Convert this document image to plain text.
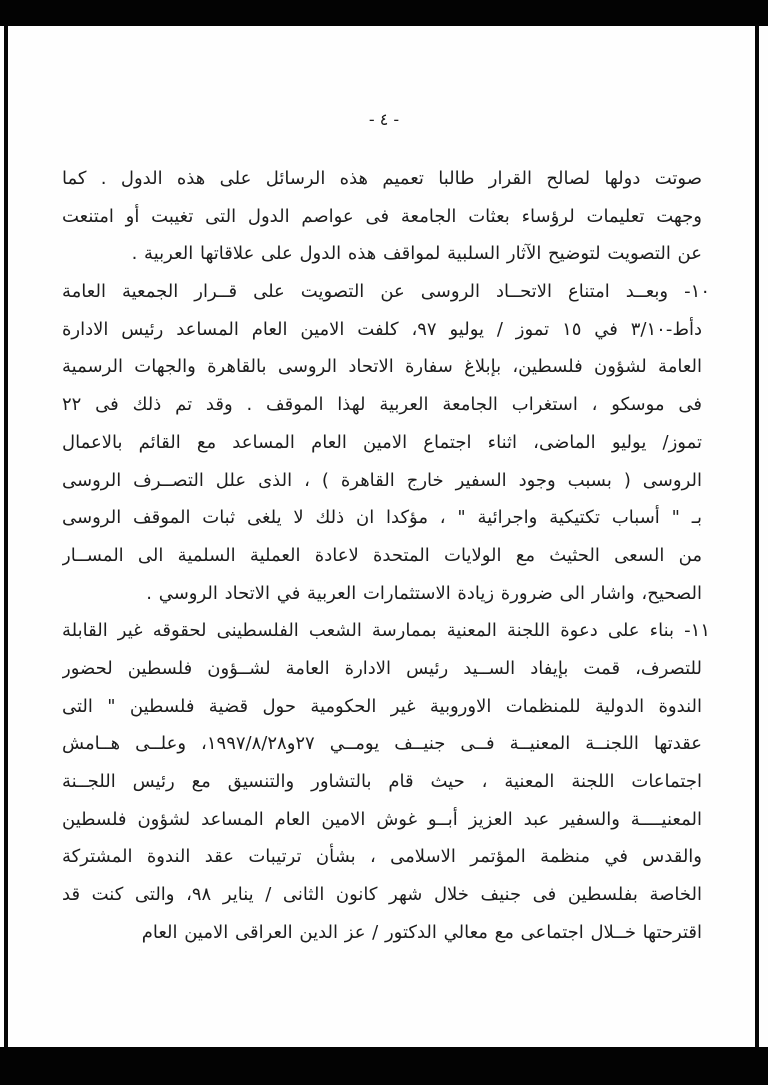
- ٤ -
صوتت دولها لصالح القرار طالبا تعميم هذه الرسائل على هذه الدول . كما
وجهت تعليمات لرؤساء بعثات الجامعة فى عواصم الدول التى تغيبت أو امتنعت
عن التصويت لتوضيح الآثار السلبية لمواقف هذه الدول على علاقاتها العربية .
١٠- وبعــد امتناع الاتحــاد الروسى عن التصويت على قــرار الجمعية العامة
دأط-٣/١٠ في ١٥ تموز / يوليو ٩٧، كلفت الامين العام المساعد رئيس الادارة
العامة لشؤون فلسطين، بإبلاغ سفارة الاتحاد الروسى بالقاهرة والجهات الرسمية
فى موسكو ، استغراب الجامعة العربية لهذا الموقف . وقد تم ذلك فى ٢٢
تموز/ يوليو الماضى، اثناء اجتماع الامين العام المساعد مع القائم بالاعمال
الروسى ( بسبب وجود السفير خارج القاهرة ) ، الذى علل التصــرف الروسى
بـ " أسباب تكتيكية واجرائية " ، مؤكدا ان ذلك لا يلغى ثبات الموقف الروسى
من السعى الحثيث مع الولايات المتحدة لاعادة العملية السلمية الى المســار
الصحيح، واشار الى ضرورة زيادة الاستثمارات العربية في الاتحاد الروسي .
١١- بناء على دعوة اللجنة المعنية بممارسة الشعب الفلسطينى لحقوقه غير القابلة
للتصرف، قمت بإيفاد الســيد رئيس الادارة العامة لشــؤون فلسطين لحضور
الندوة الدولية للمنظمات الاوروبية غير الحكومية حول قضية فلسطين " التى
عقدتها اللجنــة المعنيــة فــى جنيــف يومــي ٢٧و١٩٩٧/٨/٢٨، وعلــى هــامش
اجتماعات اللجنة المعنية ، حيث قام بالتشاور والتنسيق مع رئيس اللجــنة
المعنيــــة والسفير عبد العزيز أبــو غوش الامين العام المساعد لشؤون فلسطين
والقدس في منظمة المؤتمر الاسلامى ، بشأن ترتيبات عقد الندوة المشتركة
الخاصة بفلسطين فى جنيف خلال شهر كانون الثانى / يناير ٩٨، والتى كنت قد
اقترحتها خــلال اجتماعى مع معالي الدكتور / عز الدين العراقى الامين العام
